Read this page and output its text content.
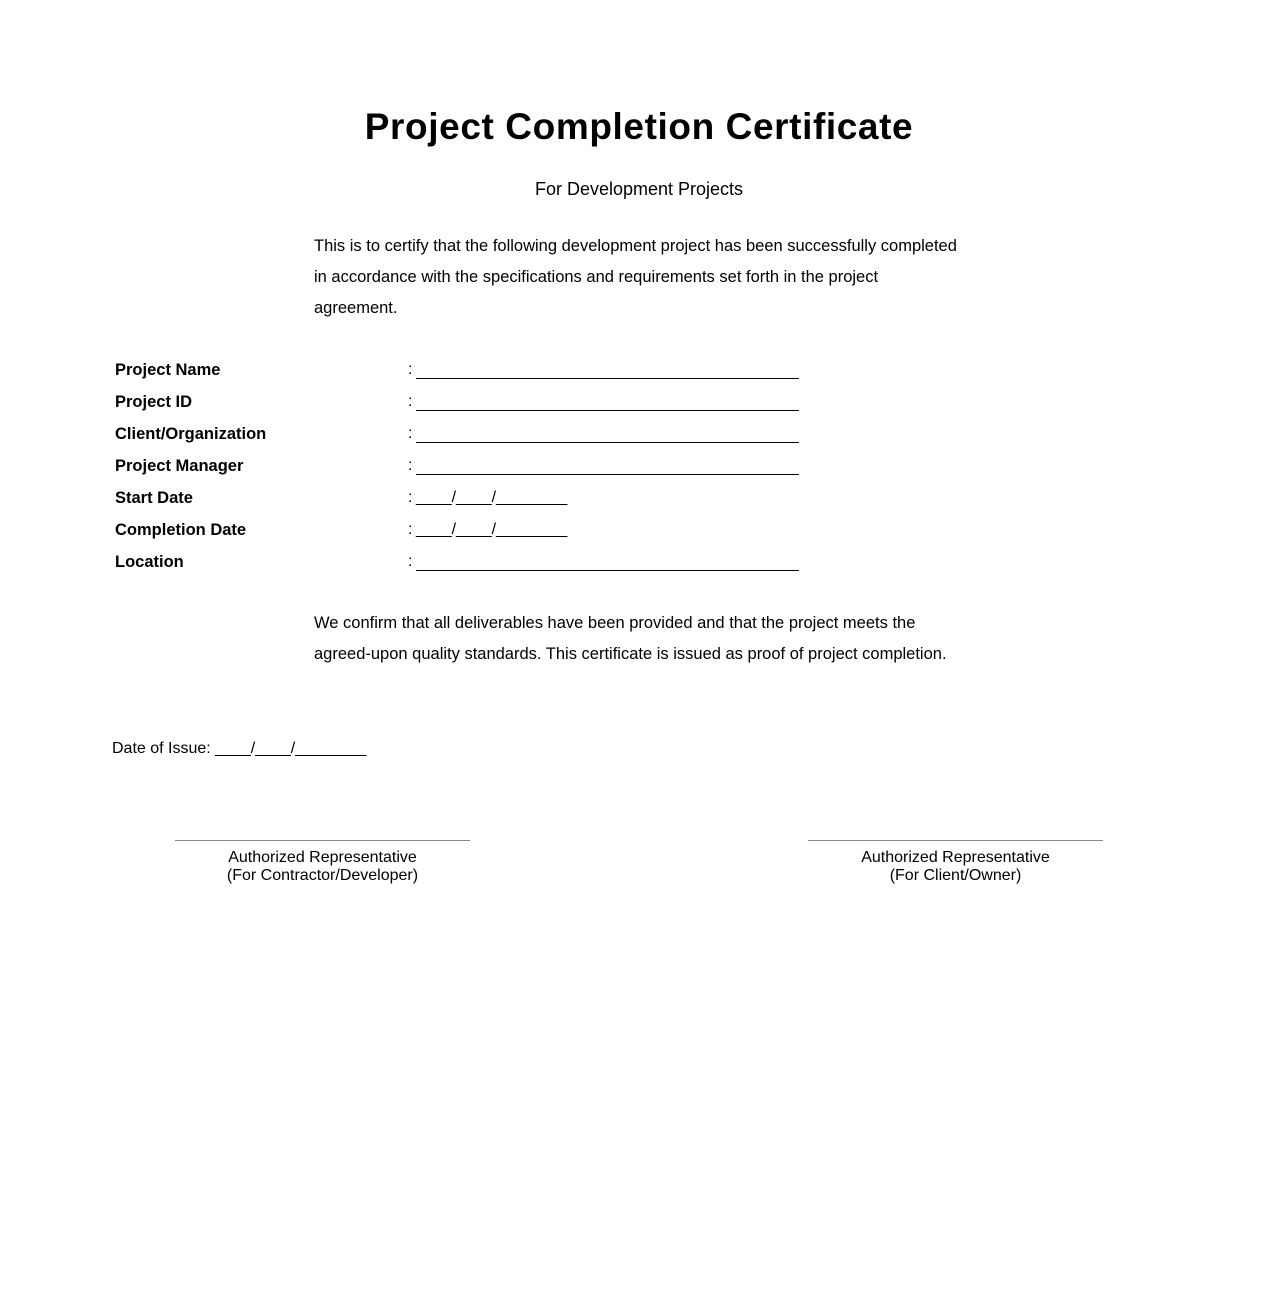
Project Completion Certificate

For Development Projects

This is to certify that the following development project has been successfully completed in accordance with the specifications and requirements set forth in the project agreement.

Project Name	:
Project ID	:
Client/Organization	:
Project Manager	:
Start Date	: ____/____/________
Completion Date	: ____/____/________
Location	:

We confirm that all deliverables have been provided and that the project meets the agreed-upon quality standards. This certificate is issued as proof of project completion.

Date of Issue: ____/____/________
Authorized Representative
(For Contractor/Developer)
Authorized Representative
(For Client/Owner)
